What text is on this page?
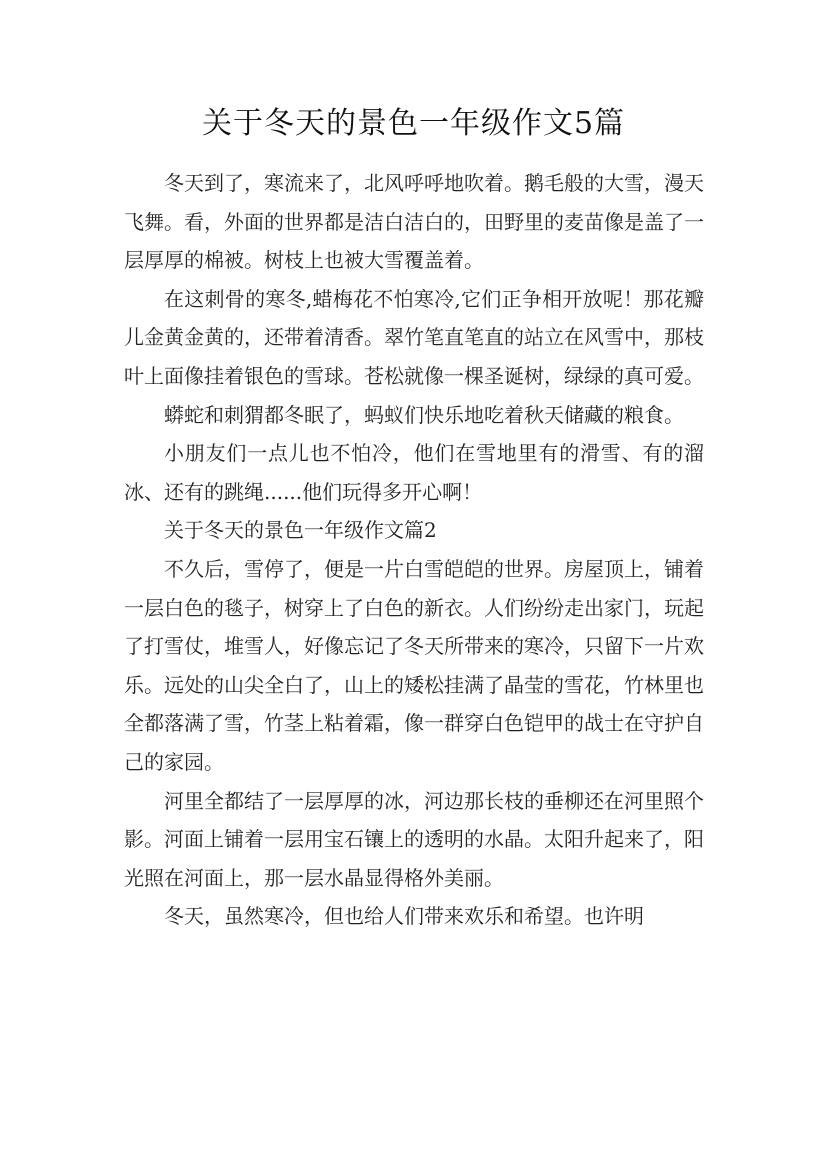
关于冬天的景色一年级作文5篇

冬天到了，寒流来了，北风呼呼地吹着。鹅毛般的大雪，漫天飞舞。看，外面的世界都是洁白洁白的，田野里的麦苗像是盖了一层厚厚的棉被。树枝上也被大雪覆盖着。

在这刺骨的寒冬,蜡梅花不怕寒冷,它们正争相开放呢！那花瓣儿金黄金黄的，还带着清香。翠竹笔直笔直的站立在风雪中，那枝叶上面像挂着银色的雪球。苍松就像一棵圣诞树，绿绿的真可爱。

蟒蛇和刺猬都冬眠了，蚂蚁们快乐地吃着秋天储藏的粮食。

小朋友们一点儿也不怕冷，他们在雪地里有的滑雪、有的溜冰、还有的跳绳......他们玩得多开心啊！

关于冬天的景色一年级作文篇2

不久后，雪停了，便是一片白雪皑皑的世界。房屋顶上，铺着一层白色的毯子，树穿上了白色的新衣。人们纷纷走出家门，玩起了打雪仗，堆雪人，好像忘记了冬天所带来的寒冷，只留下一片欢乐。远处的山尖全白了，山上的矮松挂满了晶莹的雪花，竹林里也全都落满了雪，竹茎上粘着霜，像一群穿白色铠甲的战士在守护自己的家园。

河里全都结了一层厚厚的冰，河边那长枝的垂柳还在河里照个影。河面上铺着一层用宝石镶上的透明的水晶。太阳升起来了，阳光照在河面上，那一层水晶显得格外美丽。

冬天，虽然寒冷，但也给人们带来欢乐和希望。也许明
